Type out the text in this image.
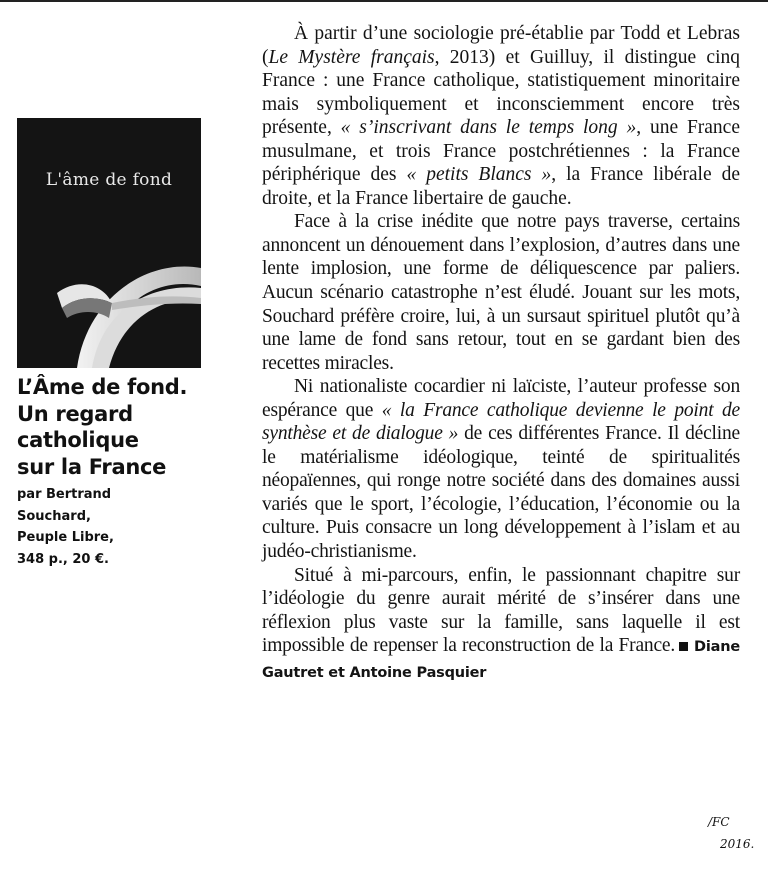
L'âme de fond
L’Âme de fond.
Un regard
catholique
sur la France
par Bertrand
Souchard,
Peuple Libre,
348 p., 20 €.

À partir d’une sociologie pré-établie par Todd et Lebras (Le Mystère français, 2013) et Guilluy, il distingue cinq France : une France catholique, statistiquement minoritaire mais symboliquement et inconsciemment encore très présente, « s’inscrivant dans le temps long », une France musulmane, et trois France postchrétiennes : la France périphérique des « petits Blancs », la France libérale de droite, et la France libertaire de gauche.

Face à la crise inédite que notre pays traverse, certains annoncent un dénouement dans l’explosion, d’autres dans une lente implosion, une forme de déliquescence par paliers. Aucun scénario catastrophe n’est éludé. Jouant sur les mots, Souchard préfère croire, lui, à un sursaut spirituel plutôt qu’à une lame de fond sans retour, tout en se gardant bien des recettes miracles.

Ni nationaliste cocardier ni laïciste, l’auteur professe son espérance que « la France catholique devienne le point de synthèse et de dialogue » de ces différentes France. Il décline le matérialisme idéologique, teinté de spiritualités néopaïennes, qui ronge notre société dans des domaines aussi variés que le sport, l’écologie, l’éducation, l’économie ou la culture. Puis consacre un long développement à l’islam et au judéo-christianisme.

Situé à mi-parcours, enfin, le passionnant chapitre sur l’idéologie du genre aurait mérité de s’insérer dans une réflexion plus vaste sur la famille, sans laquelle il est impossible de repenser la reconstruction de la France. Diane Gautret et Antoine Pasquier

/FC
2016.
